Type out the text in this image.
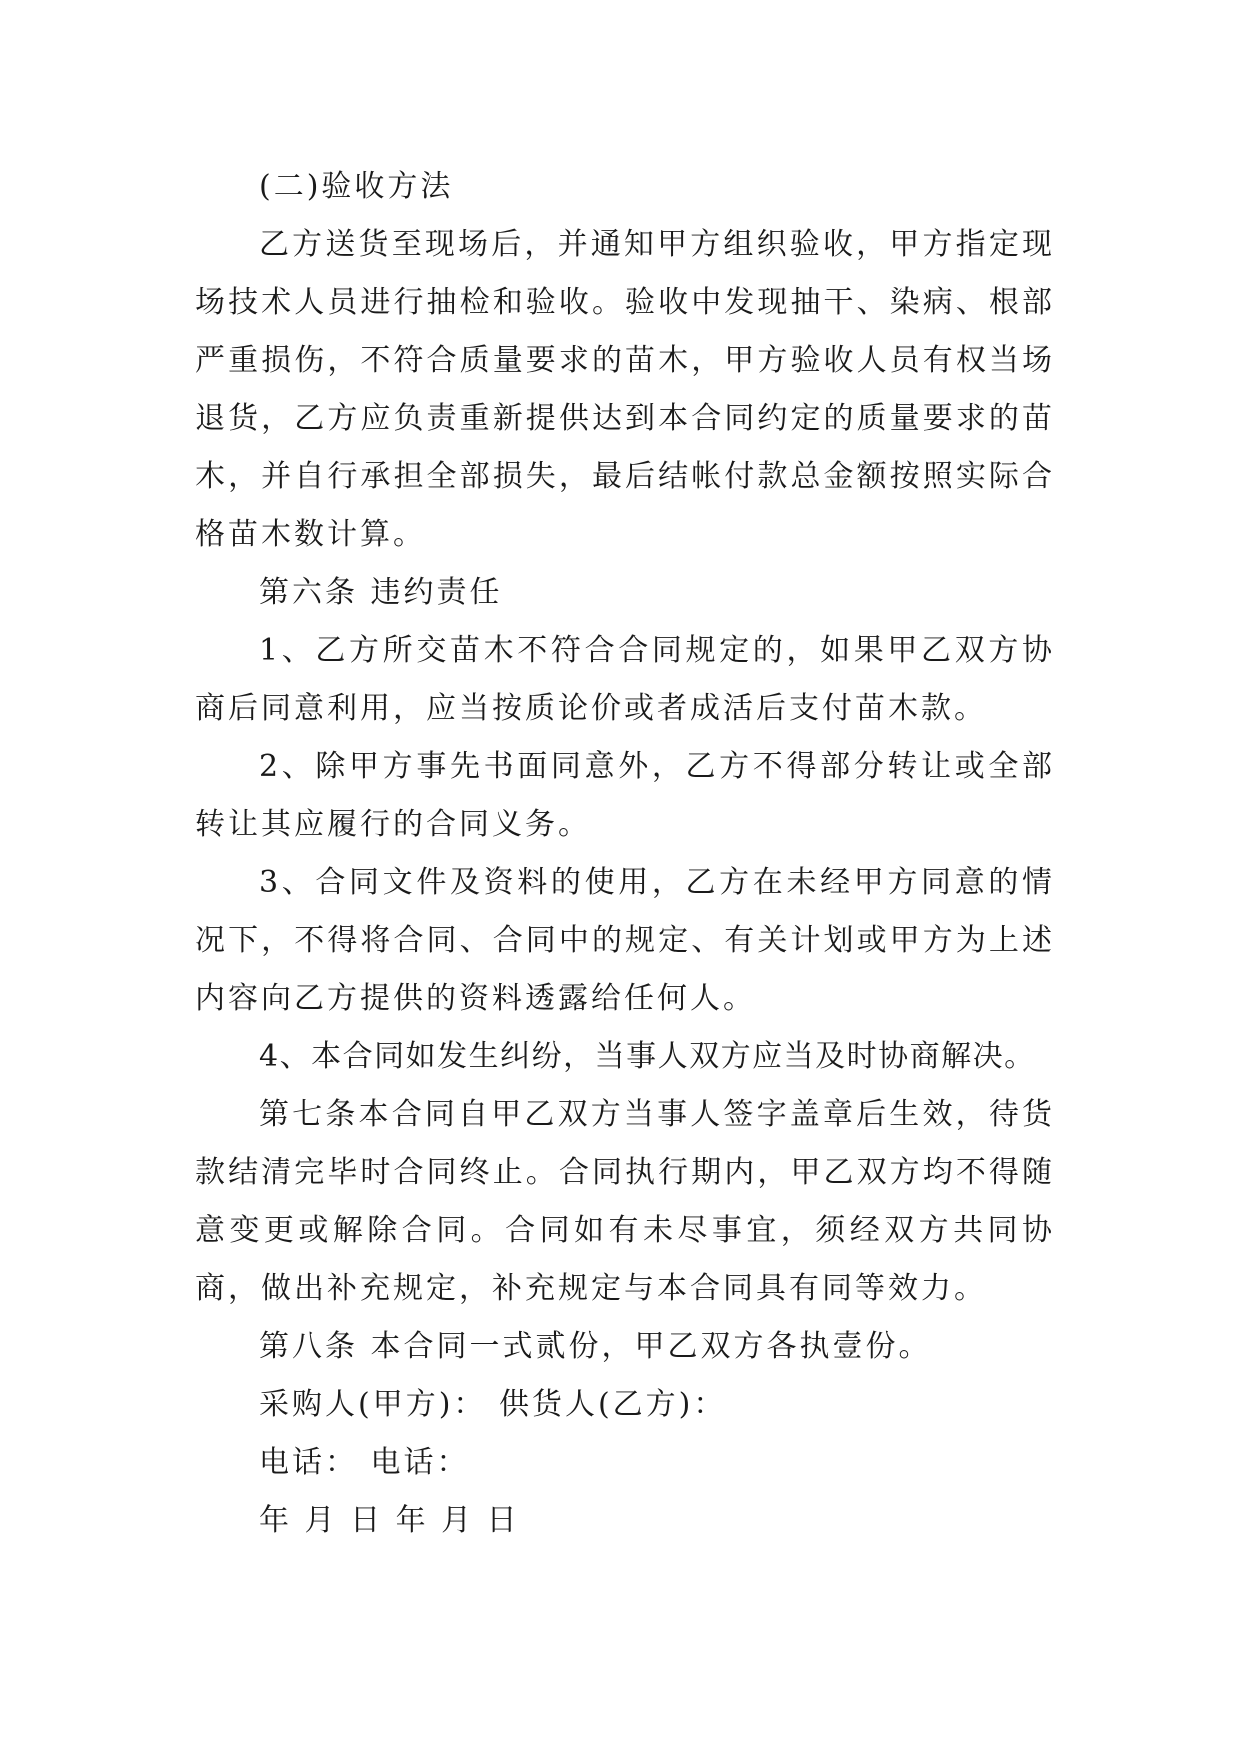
(二)验收方法

乙方送货至现场后，并通知甲方组织验收，甲方指定现场技术人员进行抽检和验收。验收中发现抽干、染病、根部严重损伤，不符合质量要求的苗木，甲方验收人员有权当场退货，乙方应负责重新提供达到本合同约定的质量要求的苗木，并自行承担全部损失，最后结帐付款总金额按照实际合格苗木数计算。

第六条 违约责任

1、乙方所交苗木不符合合同规定的，如果甲乙双方协商后同意利用，应当按质论价或者成活后支付苗木款。

2、除甲方事先书面同意外，乙方不得部分转让或全部转让其应履行的合同义务。

3、合同文件及资料的使用，乙方在未经甲方同意的情况下，不得将合同、合同中的规定、有关计划或甲方为上述内容向乙方提供的资料透露给任何人。

4、本合同如发生纠纷，当事人双方应当及时协商解决。

第七条本合同自甲乙双方当事人签字盖章后生效，待货款结清完毕时合同终止。合同执行期内，甲乙双方均不得随意变更或解除合同。合同如有未尽事宜，须经双方共同协商，做出补充规定，补充规定与本合同具有同等效力。

第八条 本合同一式贰份，甲乙双方各执壹份。

采购人(甲方)： 供货人(乙方)：

电话： 电话：

年 月 日 年 月 日
